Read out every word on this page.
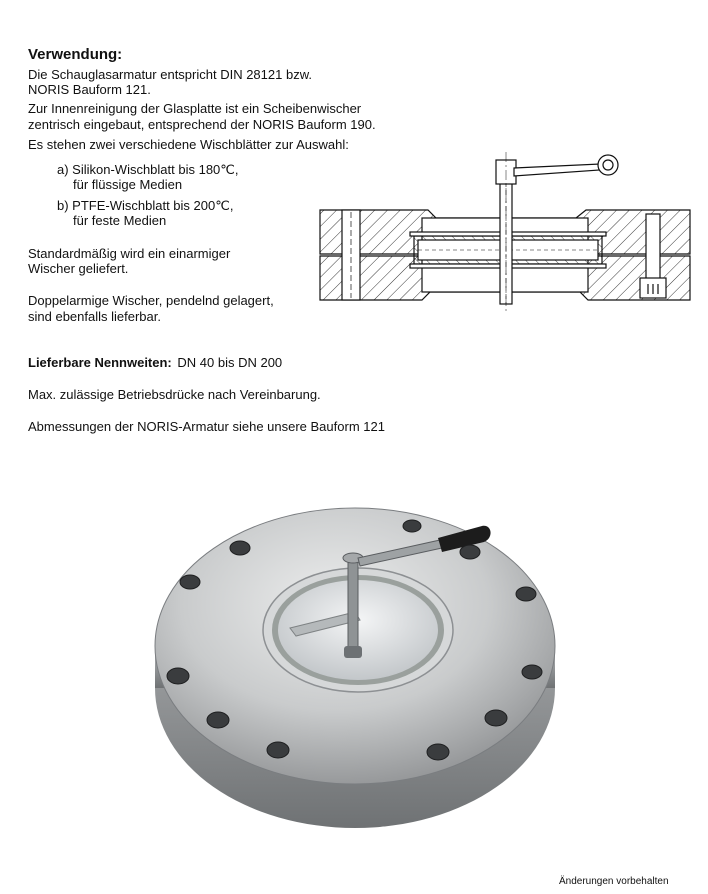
Verwendung:
Die Schauglasarmatur entspricht DIN 28121 bzw.
NORIS Bauform 121.
Zur Innenreinigung der Glasplatte ist ein Scheibenwischer
zentrisch eingebaut, entsprechend der NORIS Bauform 190.
Es stehen zwei verschiedene Wischblätter zur Auswahl:
a) Silikon-Wischblatt bis 180℃,
für flüssige Medien
b) PTFE-Wischblatt bis 200℃,
für feste Medien
Standardmäßig wird ein einarmiger
Wischer geliefert.
Doppelarmige Wischer, pendelnd gelagert,
sind ebenfalls lieferbar.
Lieferbare Nennweiten: DN 40 bis DN 200
Max. zulässige Betriebsdrücke nach Vereinbarung.
Abmessungen der NORIS-Armatur siehe unsere Bauform 121
Änderungen vorbehalten
